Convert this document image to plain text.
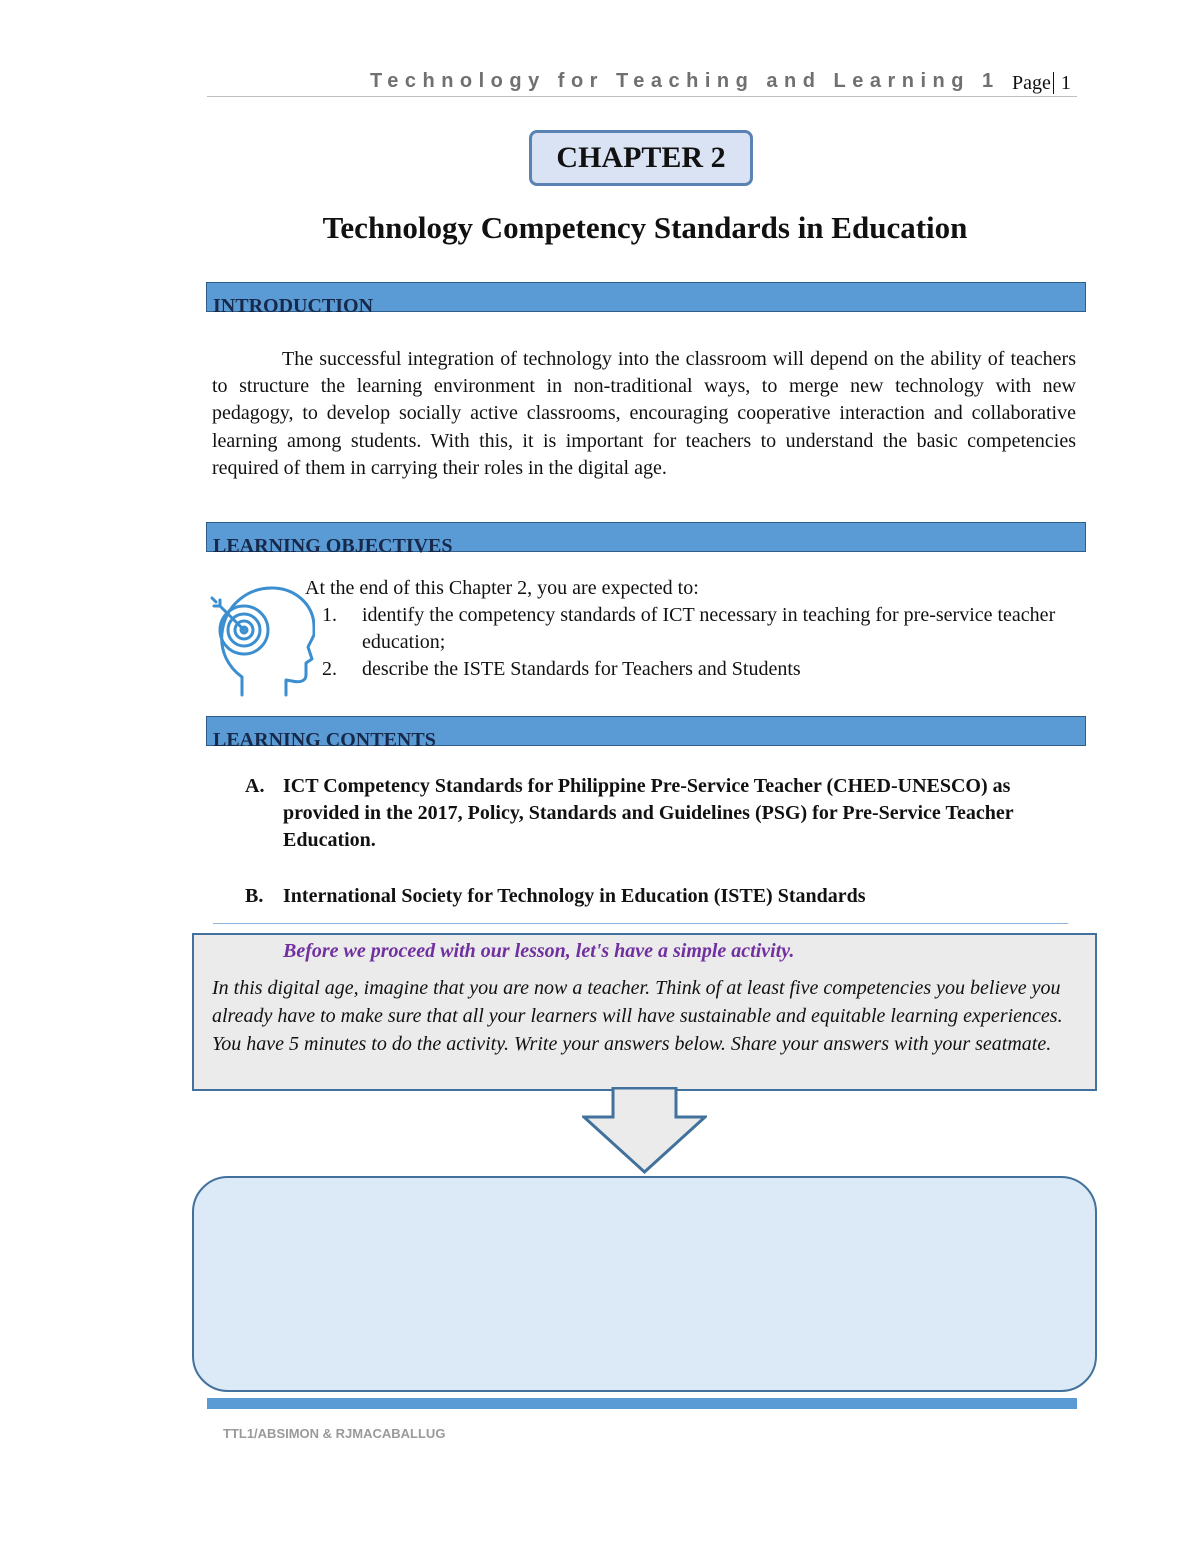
Technology for Teaching and Learning 1 Page 1
CHAPTER 2
Technology Competency Standards in Education
INTRODUCTION

The successful integration of technology into the classroom will depend on the ability of teachers to structure the learning environment in non-traditional ways, to merge new technology with new pedagogy, to develop socially active classrooms, encouraging cooperative interaction and collaborative learning among students. With this, it is important for teachers to understand the basic competencies required of them in carrying their roles in the digital age.

LEARNING OBJECTIVES
At the end of this Chapter 2, you are expected to:
1.	identify the competency standards of ICT necessary in teaching for pre-service teacher education;
2.	describe the ISTE Standards for Teachers and Students
LEARNING CONTENTS
A. ICT Competency Standards for Philippine Pre-Service Teacher (CHED-UNESCO) as provided in the 2017, Policy, Standards and Guidelines (PSG) for Pre-Service Teacher Education.
B. International Society for Technology in Education (ISTE) Standards
Before we proceed with our lesson, let's have a simple activity.

In this digital age, imagine that you are now a teacher. Think of at least five competencies you believe you already have to make sure that all your learners will have sustainable and equitable learning experiences. You have 5 minutes to do the activity. Write your answers below. Share your answers with your seatmate.

TTL1/ABSIMON & RJMACABALLUG
